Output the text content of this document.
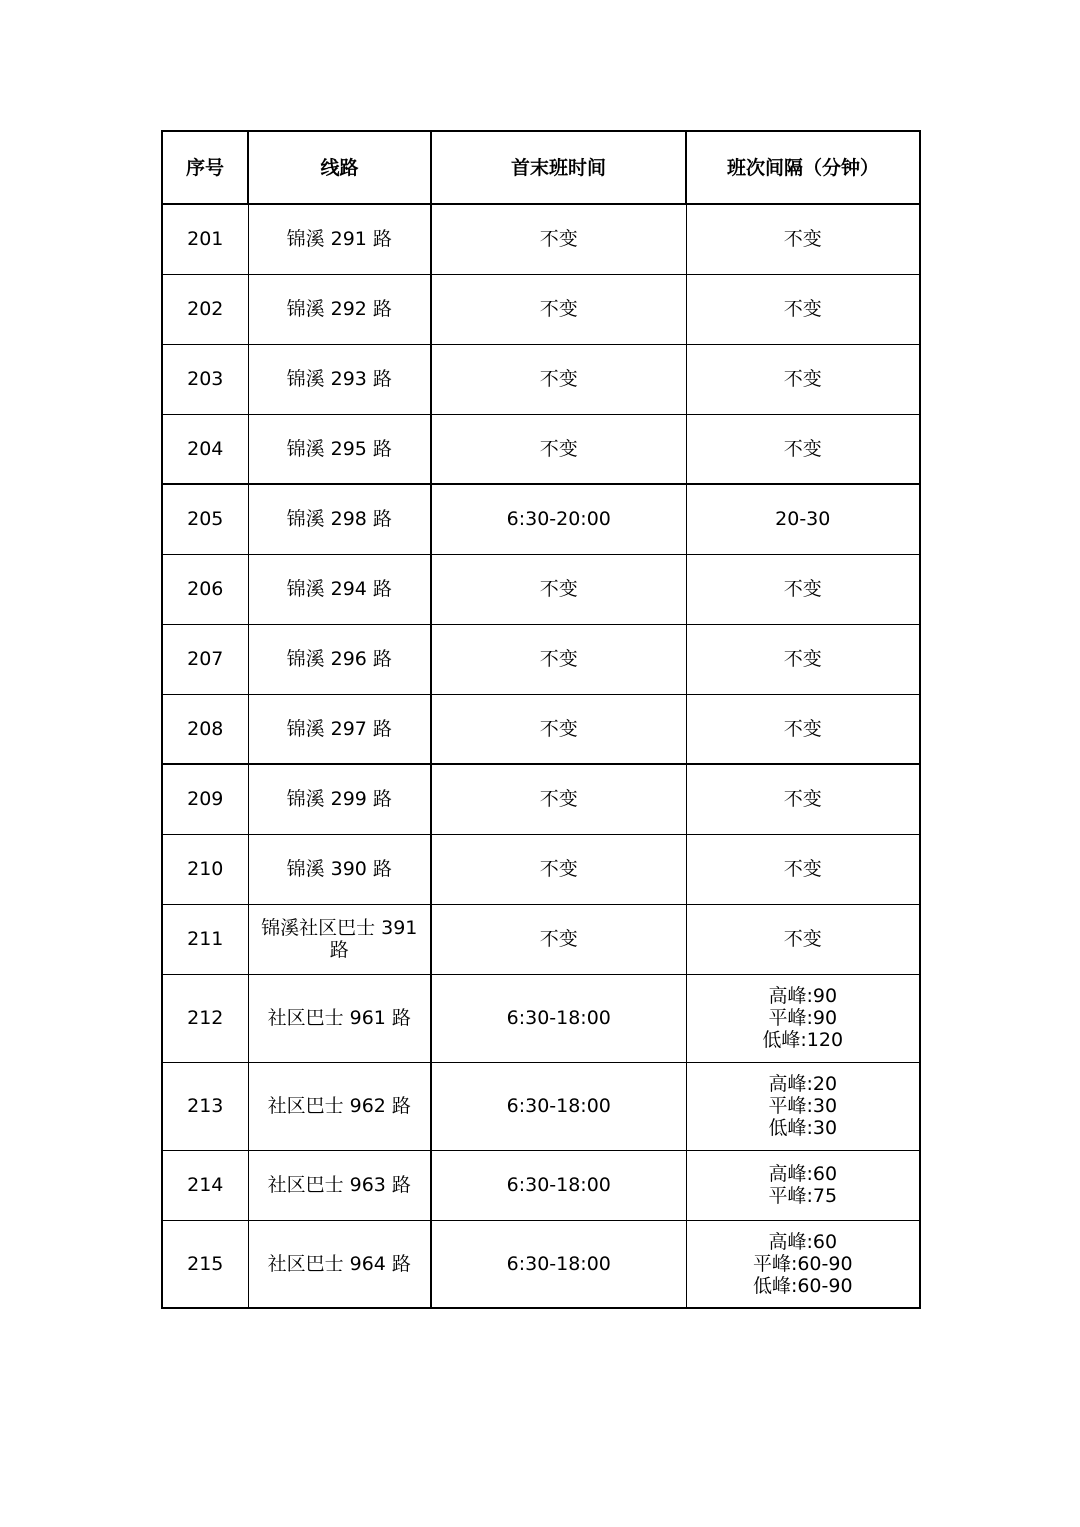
序号	线路	首末班时间	班次间隔（分钟）
201	锦溪 291 路	不变	不变

202	锦溪 292 路	不变	不变

203	锦溪 293 路	不变	不变

204	锦溪 295 路	不变	不变

205	锦溪 298 路	6:30-20:00	20-30

206	锦溪 294 路	不变	不变

207	锦溪 296 路	不变	不变

208	锦溪 297 路	不变	不变

209	锦溪 299 路	不变	不变

210	锦溪 390 路	不变	不变

211	锦溪社区巴士 391 路	不变	不变

212	社区巴士 961 路	6:30-18:00	高峰:90
平峰:90
低峰:120

213	社区巴士 962 路	6:30-18:00	高峰:20
平峰:30
低峰:30

214	社区巴士 963 路	6:30-18:00	高峰:60
平峰:75

215	社区巴士 964 路	6:30-18:00	高峰:60
平峰:60-90
低峰:60-90
